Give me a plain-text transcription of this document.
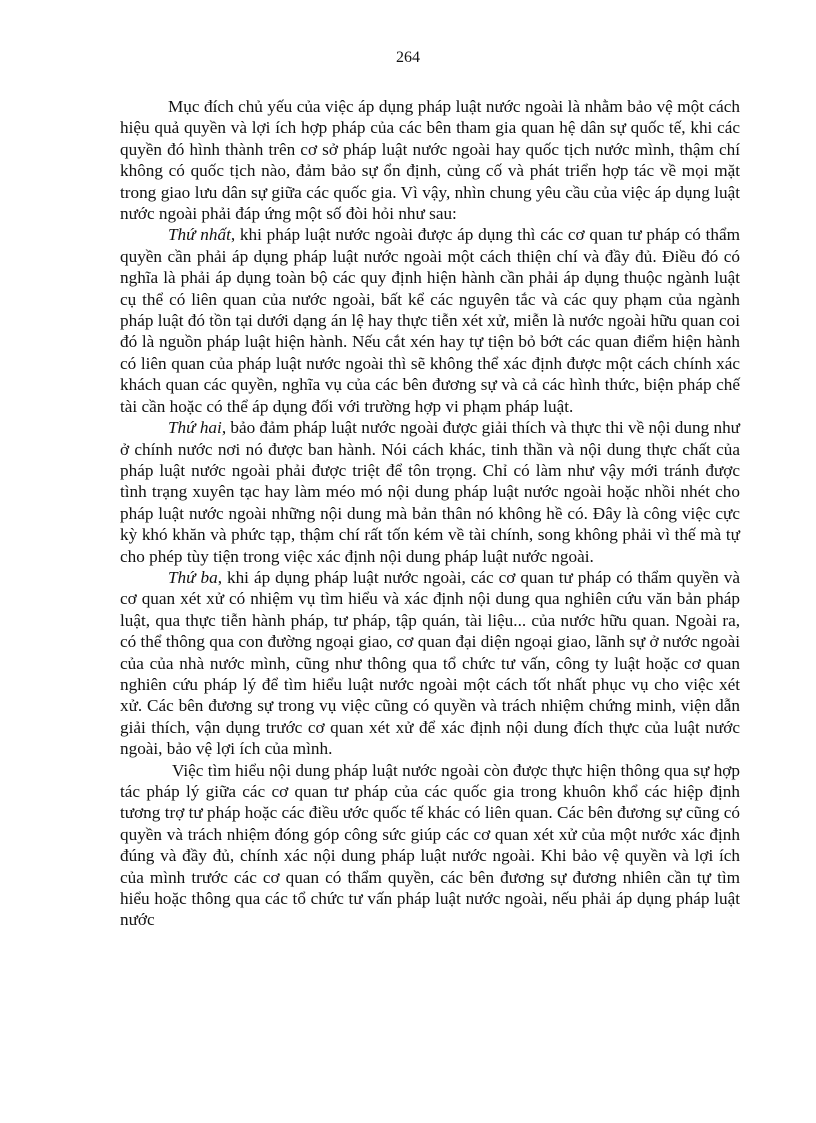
264

Mục đích chủ yếu của việc áp dụng pháp luật nước ngoài là nhằm bảo vệ một cách hiệu quả quyền và lợi ích hợp pháp của các bên tham gia quan hệ dân sự quốc tế, khi các quyền đó hình thành trên cơ sở pháp luật nước ngoài hay quốc tịch nước mình, thậm chí không có quốc tịch nào, đảm bảo sự ổn định, củng cố và phát triển hợp tác về mọi mặt trong giao lưu dân sự giữa các quốc gia. Vì vậy, nhìn chung yêu cầu của việc áp dụng luật nước ngoài phải đáp ứng một số đòi hỏi như sau:

Thứ nhất, khi pháp luật nước ngoài được áp dụng thì các cơ quan tư pháp có thẩm quyền cần phải áp dụng pháp luật nước ngoài một cách thiện chí và đầy đủ. Điều đó có nghĩa là phải áp dụng toàn bộ các quy định hiện hành cần phải áp dụng thuộc ngành luật cụ thể có liên quan của nước ngoài, bất kể các nguyên tắc và các quy phạm của ngành pháp luật đó tồn tại dưới dạng án lệ hay thực tiễn xét xử, miễn là nước ngoài hữu quan coi đó là nguồn pháp luật hiện hành. Nếu cắt xén hay tự tiện bỏ bớt các quan điểm hiện hành có liên quan của pháp luật nước ngoài thì sẽ không thể xác định được một cách chính xác khách quan các quyền, nghĩa vụ của các bên đương sự và cả các hình thức, biện pháp chế tài cần hoặc có thể áp dụng đối với trường hợp vi phạm pháp luật.

Thứ hai, bảo đảm pháp luật nước ngoài được giải thích và thực thi về nội dung như ở chính nước nơi nó được ban hành. Nói cách khác, tinh thần và nội dung thực chất của pháp luật nước ngoài phải được triệt để tôn trọng. Chỉ có làm như vậy mới tránh được tình trạng xuyên tạc hay làm méo mó nội dung pháp luật nước ngoài hoặc nhồi nhét cho pháp luật nước ngoài những nội dung mà bản thân nó không hề có. Đây là công việc cực kỳ khó khăn và phức tạp, thậm chí rất tốn kém về tài chính, song không phải vì thế mà tự cho phép tùy tiện trong việc xác định nội dung pháp luật nước ngoài.

Thứ ba, khi áp dụng pháp luật nước ngoài, các cơ quan tư pháp có thẩm quyền và cơ quan xét xử có nhiệm vụ tìm hiểu và xác định nội dung qua nghiên cứu văn bản pháp luật, qua thực tiễn hành pháp, tư pháp, tập quán, tài liệu... của nước hữu quan. Ngoài ra, có thể thông qua con đường ngoại giao, cơ quan đại diện ngoại giao, lãnh sự ở nước ngoài của của nhà nước mình, cũng như thông qua tổ chức tư vấn, công ty luật hoặc cơ quan nghiên cứu pháp lý để tìm hiểu luật nước ngoài một cách tốt nhất phục vụ cho việc xét xử. Các bên đương sự trong vụ việc cũng có quyền và trách nhiệm chứng minh, viện dẫn giải thích, vận dụng trước cơ quan xét xử để xác định nội dung đích thực của luật nước ngoài, bảo vệ lợi ích của mình.

Việc tìm hiểu nội dung pháp luật nước ngoài còn được thực hiện thông qua sự hợp tác pháp lý giữa các cơ quan tư pháp của các quốc gia trong khuôn khổ các hiệp định tương trợ tư pháp hoặc các điều ước quốc tế khác có liên quan. Các bên đương sự cũng có quyền và trách nhiệm đóng góp công sức giúp các cơ quan xét xử của một nước xác định đúng và đầy đủ, chính xác nội dung pháp luật nước ngoài. Khi bảo vệ quyền và lợi ích của mình trước các cơ quan có thẩm quyền, các bên đương sự đương nhiên cần tự tìm hiểu hoặc thông qua các tổ chức tư vấn pháp luật nước ngoài, nếu phải áp dụng pháp luật nước
